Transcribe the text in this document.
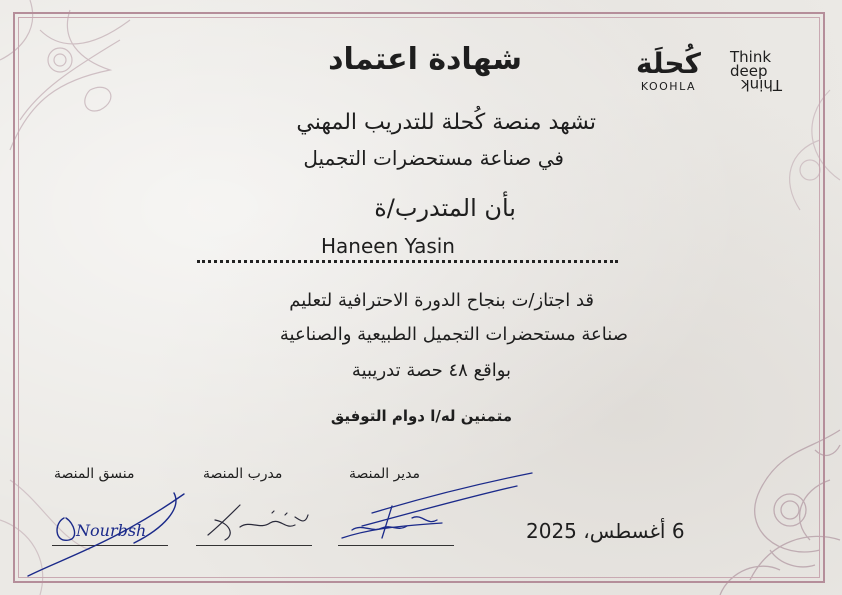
كُحلَة
KOOHLA
Think
deep
Think
شهادة اعتماد
تشهد منصة كُحلة للتدريب المهني
في صناعة مستحضرات التجميل
بأن المتدرب/ة
Haneen Yasin
قد اجتاز/ت بنجاح الدورة الاحترافية لتعليم
صناعة مستحضرات التجميل الطبيعية والصناعية
بواقع ٤٨ حصة تدريبية
متمنين له/ا دوام التوفيق
منسق المنصة	مدرب المنصة	مدير المنصة
Nourbsh	6 أغسطس، 2025
